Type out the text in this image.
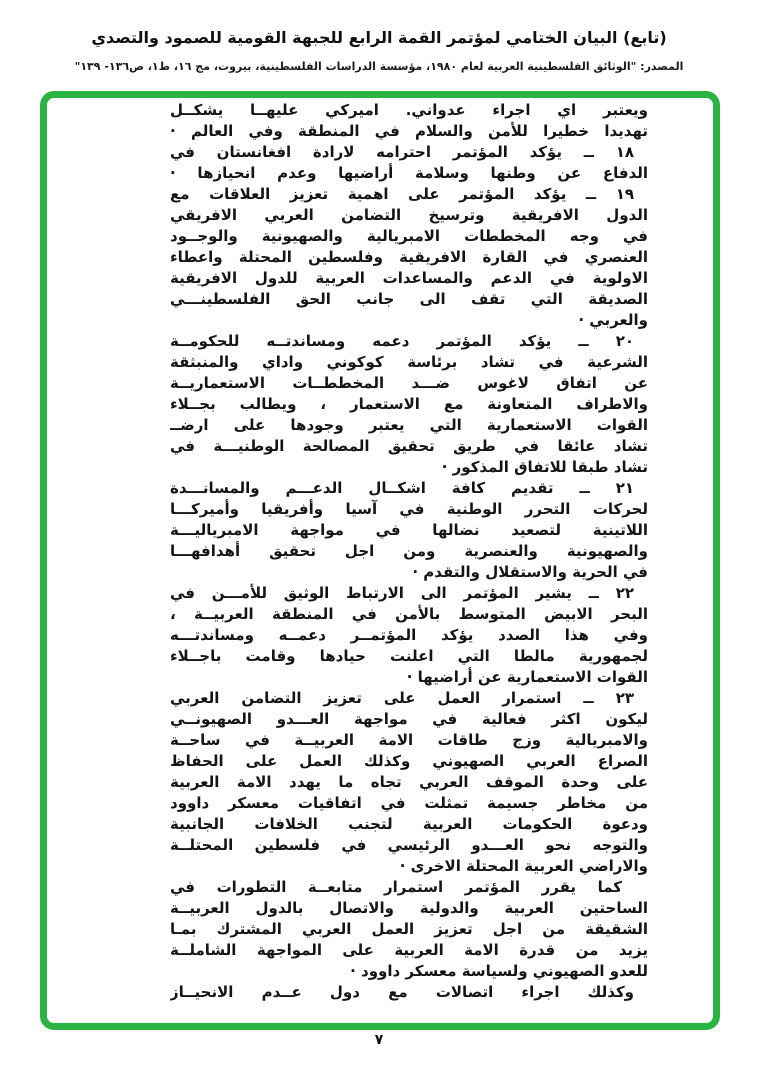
(تابع) البيان الختامي لمؤتمر القمة الرابع للجبهة القومية للصمود والتصدي
المصدر: "الوثائق الفلسطينية العربية لعام ١٩٨٠، مؤسسة الدراسات الفلسطينية، بيروت، مج ١٦، ط١، ص١٣٦- ١٣٩"
ويعتبر اي اجراء عدواني. اميركي عليهــا يشكــل
تهديدا خطيرا للأمن والسلام في المنطقة وفي العالم ·
١٨ ــ يؤكد المؤتمر احترامه لارادة افغانستان في
الدفاع عن وطنها وسلامة أراضيها وعدم انحيازها ·
١٩ ــ يؤكد المؤتمر على اهمية تعزيز العلاقات مع
الدول الافريقية وترسيخ التضامن العربي الافريقي
في وجه المخططات الامبريالية والصهيونية والوجــود
العنصري في القارة الافريقية وفلسطين المحتلة واعطاء
الاولوية في الدعم والمساعدات العربية للدول الافريقية
الصديقة التي تقف الى جانب الحق الفلسطينـــي
والعربي ·
٢٠ ــ يؤكد المؤتمر دعمه ومساندتــه للحكومــة
الشرعية في تشاد برئاسة كوكوني واداي والمنبثقة
عن اتفاق لاغوس ضـــد المخططــات الاستعماريــة
والاطراف المتعاونة مع الاستعمار ، ويطالب بجــلاء
القوات الاستعمارية التي يعتبر وجودها على ارضــ
تشاد عائقا في طريق تحقيق المصالحة الوطنيـــة في
تشاد طبقا للاتفاق المذكور ·
٢١ ــ تقديم كافة اشكــال الدعـــم والمسانـــدة
لحركات التحرر الوطنية في آسيا وأفريقيا وأميركـــا
اللاتينية لتصعيد نضالها في مواجهة الامبرياليـــة
والصهيونية والعنصرية ومن اجل تحقيق أهدافهـــا
في الحرية والاستقلال والتقدم ·
٢٢ ــ يشير المؤتمر الى الارتباط الوثيق للأمـــن في
البحر الابيض المتوسط بالأمن في المنطقة العربيــة ،
وفي هذا الصدد يؤكد المؤتمــر دعمــه ومساندتـــه
لجمهورية مالطا التي اعلنت حيادها وقامت باجــلاء
القوات الاستعمارية عن أراضيها ·
٢٣ ــ استمرار العمل على تعزيز التضامن العربي
ليكون اكثر فعالية في مواجهة العـــدو الصهيونــي
والامبريالية وزج طاقات الامة العربيــة في ساحــة
الصراع العربي الصهيوني وكذلك العمل على الحفاظ
على وحدة الموقف العربي تجاه ما يهدد الامة العربية
من مخاطر جسيمة تمثلت في اتفاقيات معسكر داوود
ودعوة الحكومات العربية لتجنب الخلافات الجانبية
والتوجه نحو العـــدو الرئيسي في فلسطين المحتلــة
والاراضي العربية المحتلة الاخرى ·
كما يقرر المؤتمر استمرار متابعــة التطورات في
الساحتين العربية والدولية والاتصال بالدول العربيــة
الشقيقة من اجل تعزيز العمل العربي المشترك بمـا
يزيد من قدرة الامة العربية على المواجهة الشاملــة
للعدو الصهيوني ولسياسة معسكر داوود ·
وكذلك اجراء اتصالات مع دول عــدم الانحيــاز
٧
